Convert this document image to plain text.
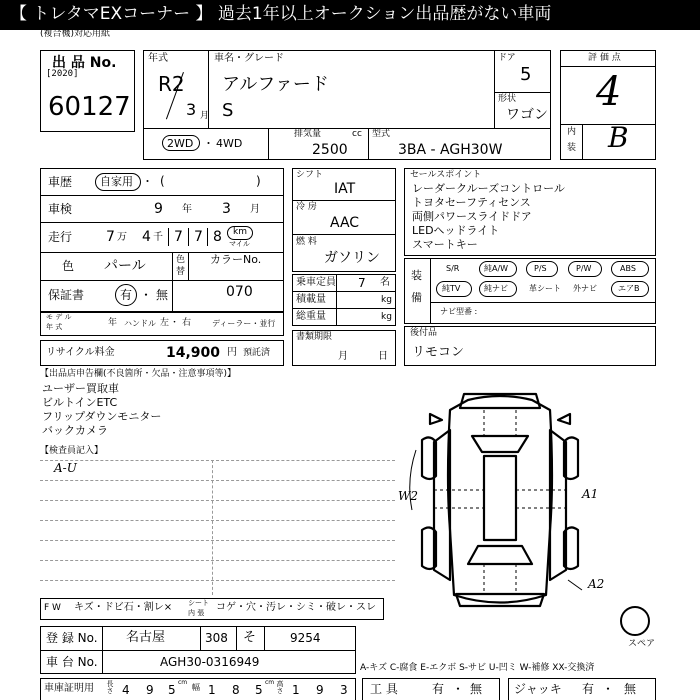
【 トレタマEXコーナー 】 過去1年以上オークション出品歴がない車両
(複合機)対応用紙
出 品 No.
[2020]
60127
年式
R2
3 月
車名・グレード
アルファード
S
ドア
5
形状
ワゴン
2WD ・ 4WD
排気量	cc
2500
型式
3BA - AGH30W
評 価 点
4
内
装 B
車歴	自家用 ・ (	)
車検	9 年 3 月
走行 7 万 4 千 7 7 8 km
マイル
色 パール	色
替
カラーNo.
070
保証書	有 ・ 無
モ デ ル
年 式	年 ハンドル 左 ・ 右	ディーラー・並行
リサイクル料金	14,900 円 預託済
シフト
IAT
冷 房
AAC
燃 料
ガソリン
乗車定員 7 名
積載量	kg
総重量	kg
書類期限
月	日
セールスポイント
レーダークルーズコントロール
トヨタセーフティセンス
両側パワースライドドア
LEDヘッドライト
スマートキー
装
備
S/R	純A/W	P/S	P/W	ABS
純TV	純ナビ	革シート 外ナビ	エアB
ナビ型番 :
後付品
リモコン
【出品店申告欄(不良箇所・欠品・注意事項等)】
ユーザー買取車
ビルトインETC
フリップダウンモニター
バックカメラ
【検査員記入】
A-U
W2	A1
A2
スペア
F W キズ・ドビ石・割レ× シート
内 張 コゲ・穴・汚レ・シミ・破レ・スレ
登 録 No. 名古屋	308 そ	9254
車 台 No.	AGH30-0316949	A-キズ C-腐食 E-エクボ S-サビ U-凹ミ W-補修 XX-交換済
車庫証明用 長さ 4 9 5
cm
幅 1 8 5
cm 高さ 1 9 3 工 具	有 ・ 無	ジャッキ 有 ・ 無
